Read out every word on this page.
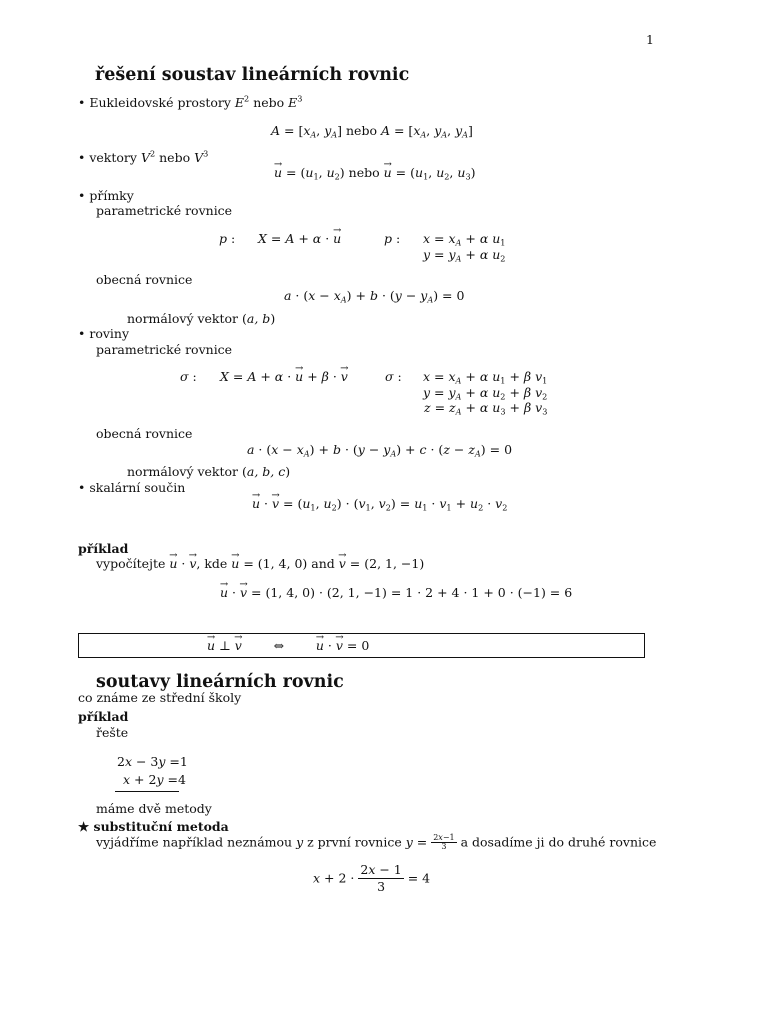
1
řešení soustav lineárních rovnic
• Eukleidovské prostory $E^2$ nebo $E^3$
$A = [x_A$, $y_A$] nebo $A = [x_A$, $y_A$, $y_A$]
• vektory $V^2$ nebo $V^3$
→ $u = (u_1$, $u_2$) nebo → $u = (u_1$, $u_2$, $u_3$)
• přímky
parametrické rovnice
p : X = A + α · → u	p : $x = x_A + \alpha$ $u_1$
$y = y_A + \alpha$ $u_2$
obecná rovnice
$a \cdot (x - x_A) + b \cdot (y - y_A) = 0$
normálový vektor (a, b)
• roviny
parametrické rovnice
σ : X = A + α · → u + β · → v	σ : $x = x_A + \alpha$ $u_1 + \beta$ $v_1$
$y = y_A + \alpha$ $u_2 + \beta$ $v_2$
$z = z_A + \alpha$ $u_3 + \beta$ $v_3$
obecná rovnice
$a \cdot (x - x_A) + b \cdot (y - y_A) + c \cdot (z - z_A) = 0$
normálový vektor (a, b, c)
• skalární součin
→ u · → $v = (u_1$, $u_2) \cdot (v_1$, $v_2) = u_1 \cdot v_1 + u_2 \cdot v_2$
příklad
vypočítejte → u · → v, kde → u = (1, 4, 0) and → v = (2, 1, −1)
→ u · → v = (1, 4, 0) · (2, 1, −1) = 1 · 2 + 4 · 1 + 0 · (−1) = 6
→ u ⊥ → v        ⇔        → u · → v = 0
soutavy lineárních rovnic
co známe ze střední školy
příklad
řešte
2x − 3y =1
x + 2y =4
máme dvě metody
★ substituční metoda
vyjádříme například neznámou y z první rovnice $y = \frac{2x-1}{3}$ a dosadíme ji do druhé rovnice
$x + 2 \cdot \frac{2x - 1}{3} = 4$
